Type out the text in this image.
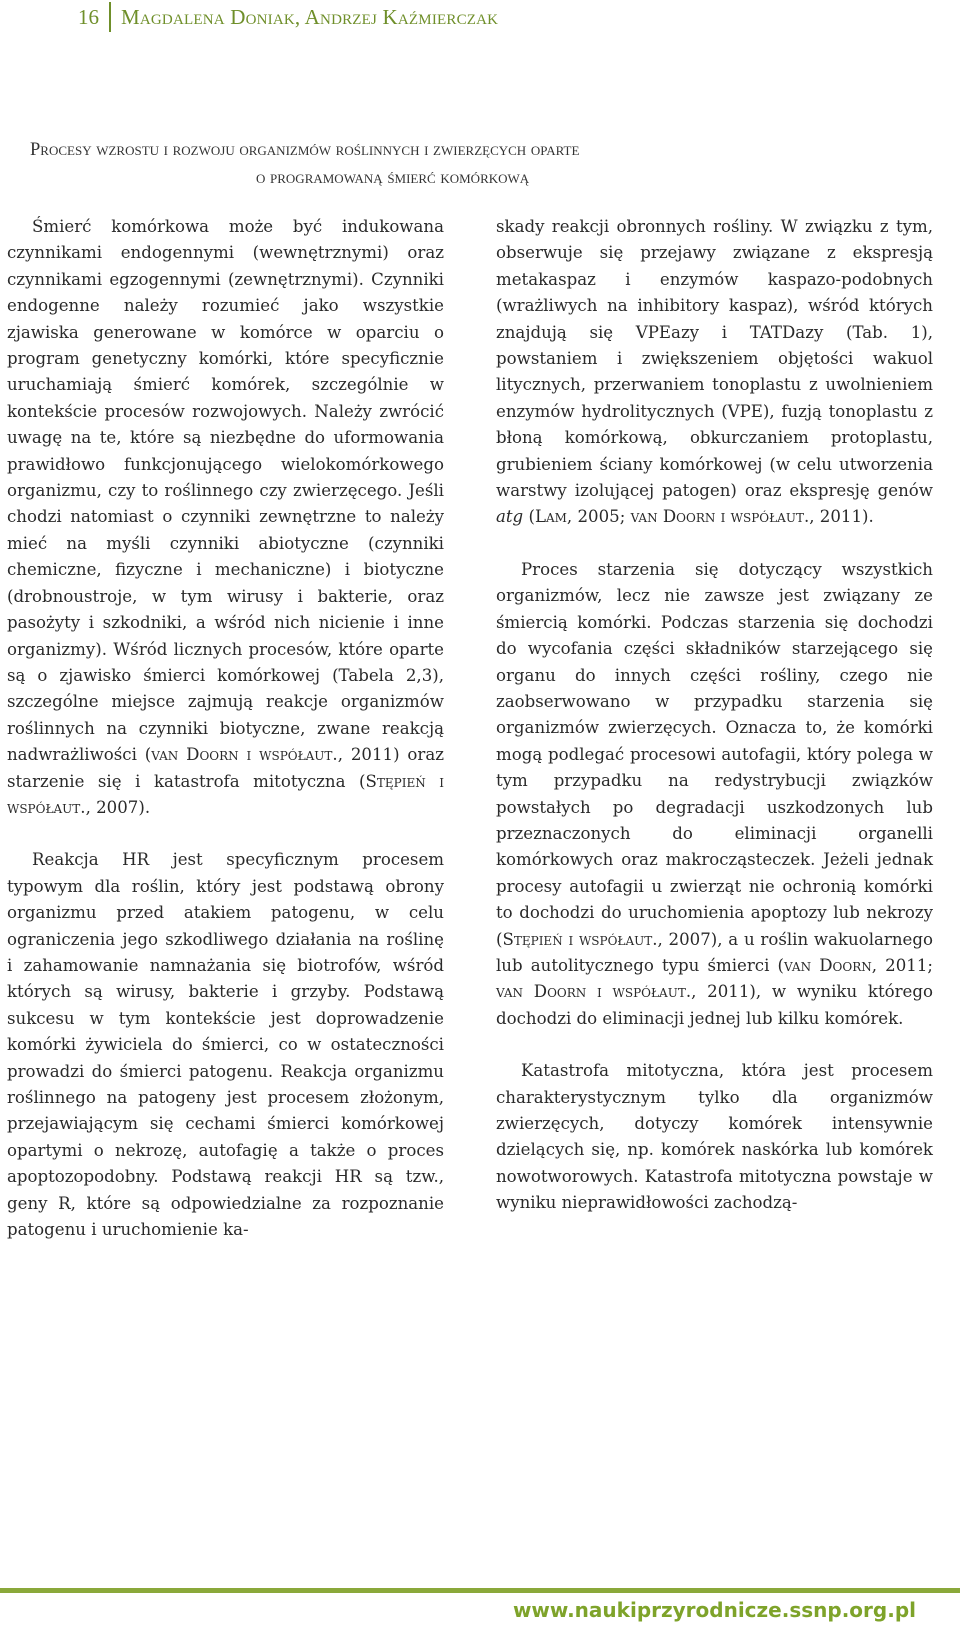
16	Magdalena Doniak, Andrzej Kaźmierczak
Procesy wzrostu i rozwoju organizmów roślinnych i zwierzęcych oparte
o programowaną śmierć komórkową

Śmierć komórkowa może być indukowana czynnikami endogennymi (wewnętrznymi) oraz czynnikami egzogennymi (zewnętrznymi). Czynniki endogenne należy rozumieć jako wszystkie zjawiska generowane w komórce w oparciu o program genetyczny komórki, które specyficznie uruchamiają śmierć komórek, szczególnie w kontekście procesów rozwojowych. Należy zwrócić uwagę na te, które są niezbędne do uformowania prawidłowo funkcjonującego wielokomórkowego organizmu, czy to roślinnego czy zwierzęcego. Jeśli chodzi natomiast o czynniki zewnętrzne to należy mieć na myśli czynniki abiotyczne (czynniki chemiczne, fizyczne i mechaniczne) i biotyczne (drobnoustroje, w tym wirusy i bakterie, oraz pasożyty i szkodniki, a wśród nich nicienie i inne organizmy). Wśród licznych procesów, które oparte są o zjawisko śmierci komórkowej (Tabela 2,3), szczególne miejsce zajmują reakcje organizmów roślinnych na czynniki biotyczne, zwane reakcją nadwrażliwości (van Doorn i współaut., 2011) oraz starzenie się i katastrofa mitotyczna (Stępień i współaut., 2007).

Reakcja HR jest specyficznym procesem typowym dla roślin, który jest podstawą obrony organizmu przed atakiem patogenu, w celu ograniczenia jego szkodliwego działania na roślinę i zahamowanie namnażania się biotrofów, wśród których są wirusy, bakterie i grzyby. Podstawą sukcesu w tym kontekście jest doprowadzenie komórki żywiciela do śmierci, co w ostateczności prowadzi do śmierci patogenu. Reakcja organizmu roślinnego na patogeny jest procesem złożonym, przejawiającym się cechami śmierci komórkowej opartymi o nekrozę, autofagię a także o proces apoptozopodobny. Podstawą reakcji HR są tzw., geny R, które są odpowiedzialne za rozpoznanie patogenu i uruchomienie ka-

skady reakcji obronnych rośliny. W związku z tym, obserwuje się przejawy związane z ekspresją metakaspaz i enzymów kaspazo-podobnych (wrażliwych na inhibitory kaspaz), wśród których znajdują się VPEazy i TATDazy (Tab. 1), powstaniem i zwiększeniem objętości wakuol litycznych, przerwaniem tonoplastu z uwolnieniem enzymów hydrolitycznych (VPE), fuzją tonoplastu z błoną komórkową, obkurczaniem protoplastu, grubieniem ściany komórkowej (w celu utworzenia warstwy izolującej patogen) oraz ekspresję genów atg (Lam, 2005; van Doorn i współaut., 2011).

Proces starzenia się dotyczący wszystkich organizmów, lecz nie zawsze jest związany ze śmiercią komórki. Podczas starzenia się dochodzi do wycofania części składników starzejącego się organu do innych części rośliny, czego nie zaobserwowano w przypadku starzenia się organizmów zwierzęcych. Oznacza to, że komórki mogą podlegać procesowi autofagii, który polega w tym przypadku na redystrybucji związków powstałych po degradacji uszkodzonych lub przeznaczonych do eliminacji organelli komórkowych oraz makrocząsteczek. Jeżeli jednak procesy autofagii u zwierząt nie ochronią komórki to dochodzi do uruchomienia apoptozy lub nekrozy (Stępień i współaut., 2007), a u roślin wakuolarnego lub autolitycznego typu śmierci (van Doorn, 2011; van Doorn i współaut., 2011), w wyniku którego dochodzi do eliminacji jednej lub kilku komórek.

Katastrofa mitotyczna, która jest procesem charakterystycznym tylko dla organizmów zwierzęcych, dotyczy komórek intensywnie dzielących się, np. komórek naskórka lub komórek nowotworowych. Katastrofa mitotyczna powstaje w wyniku nieprawidłowości zachodzą-

www.naukiprzyrodnicze.ssnp.org.pl
